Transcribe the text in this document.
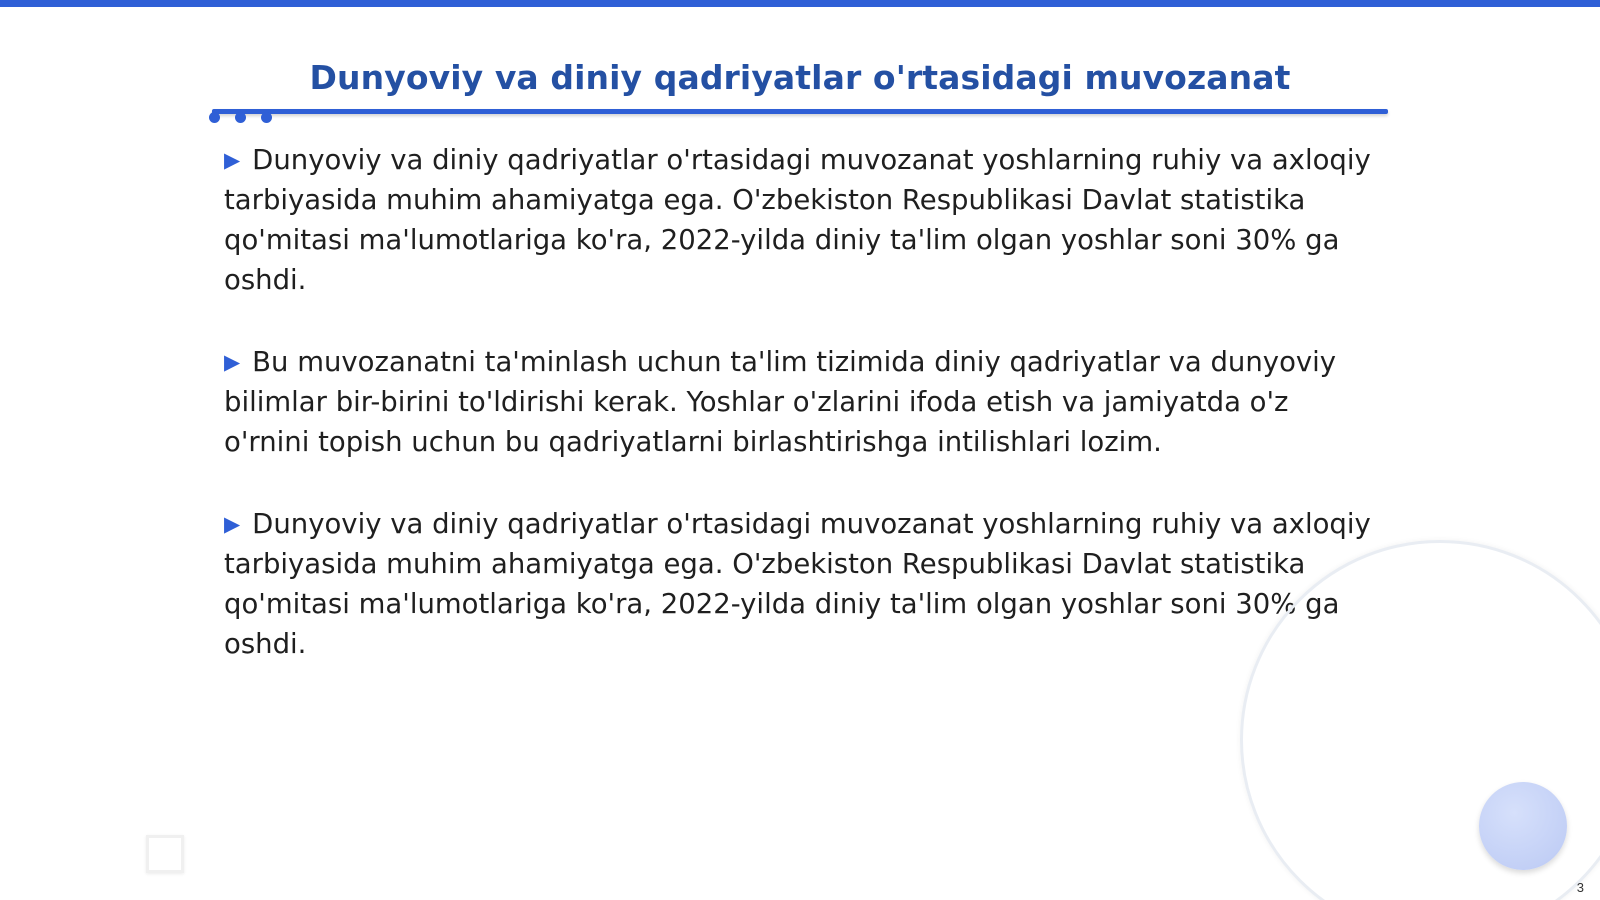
Dunyoviy va diniy qadriyatlar o'rtasidagi muvozanat

▶ Dunyoviy va diniy qadriyatlar o'rtasidagi muvozanat yoshlarning ruhiy va axloqiy tarbiyasida muhim ahamiyatga ega. O'zbekiston Respublikasi Davlat statistika qo'mitasi ma'lumotlariga ko'ra, 2022-yilda diniy ta'lim olgan yoshlar soni 30% ga oshdi.

▶ Bu muvozanatni ta'minlash uchun ta'lim tizimida diniy qadriyatlar va dunyoviy bilimlar bir-birini to'ldirishi kerak. Yoshlar o'zlarini ifoda etish va jamiyatda o'z o'rnini topish uchun bu qadriyatlarni birlashtirishga intilishlari lozim.

▶ Dunyoviy va diniy qadriyatlar o'rtasidagi muvozanat yoshlarning ruhiy va axloqiy tarbiyasida muhim ahamiyatga ega. O'zbekiston Respublikasi Davlat statistika qo'mitasi ma'lumotlariga ko'ra, 2022-yilda diniy ta'lim olgan yoshlar soni 30% ga oshdi.

3
